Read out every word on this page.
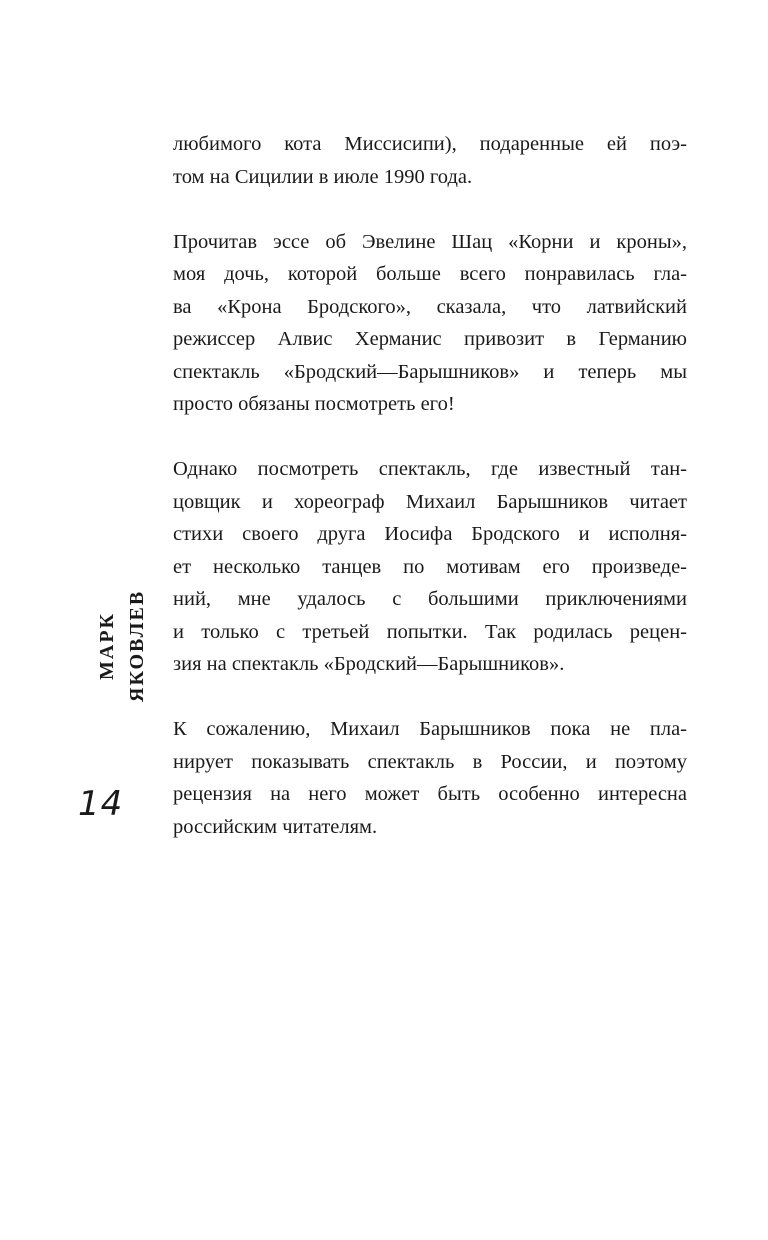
любимого кота Миссисипи), подаренные ей поэ-
том на Сицилии в июле 1990 года.

Прочитав эссе об Эвелине Шац «Корни и кроны»,
моя дочь, которой больше всего понравилась гла-
ва «Крона Бродского», сказала, что латвийский
режиссер Алвис Херманис привозит в Германию
спектакль «Бродский—Барышников» и теперь мы
просто обязаны посмотреть его!

Однако посмотреть спектакль, где известный тан-
цовщик и хореограф Михаил Барышников читает
стихи своего друга Иосифа Бродского и исполня-
ет несколько танцев по мотивам его произведе-
ний, мне удалось с большими приключениями
и только с третьей попытки. Так родилась рецен-
зия на спектакль «Бродский—Барышников».

К сожалению, Михаил Барышников пока не пла-
нирует показывать спектакль в России, и поэтому
рецензия на него может быть особенно интересна
российским читателям.

МАРК ЯКОВЛЕВ
14
